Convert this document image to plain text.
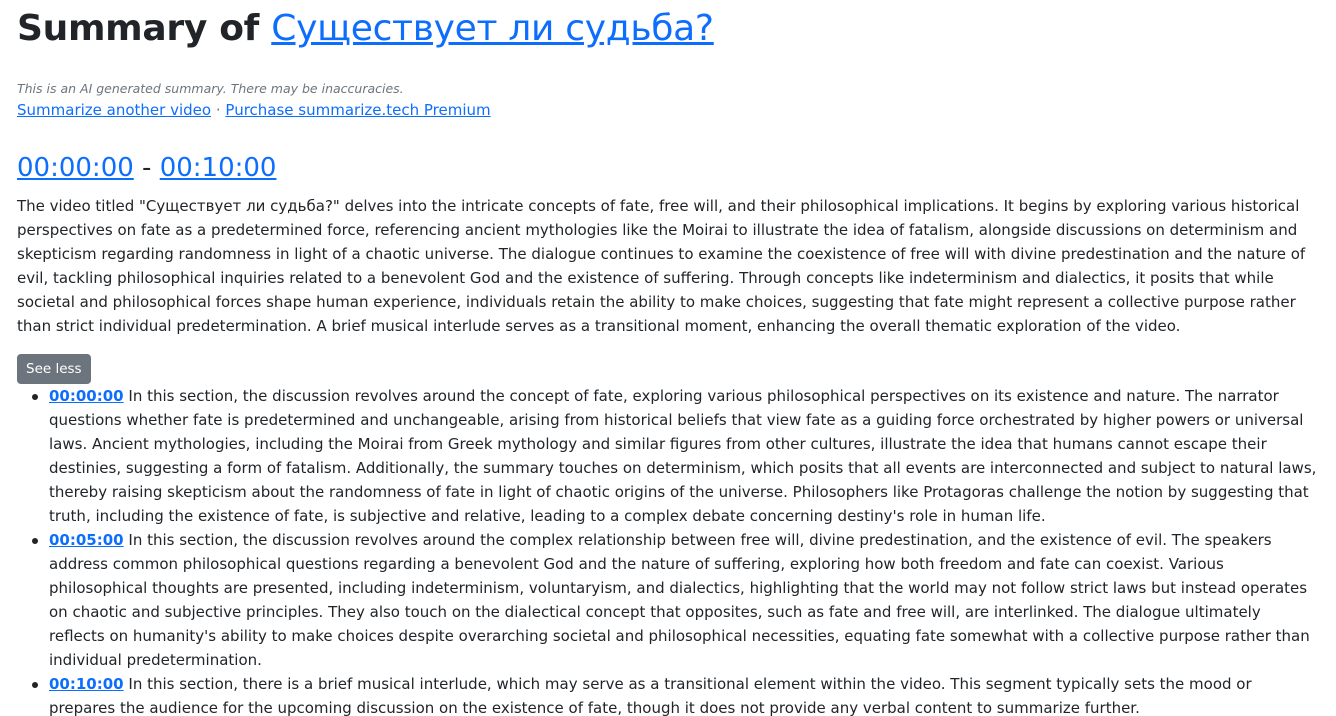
Summary of Существует ли судьба?
This is an AI generated summary. There may be inaccuracies.
Summarize another video · Purchase summarize.tech Premium
00:00:00 - 00:10:00

The video titled "Существует ли судьба?" delves into the intricate concepts of fate, free will, and their philosophical implications. It begins by exploring various historical perspectives on fate as a predetermined force, referencing ancient mythologies like the Moirai to illustrate the idea of fatalism, alongside discussions on determinism and skepticism regarding randomness in light of a chaotic universe. The dialogue continues to examine the coexistence of free will with divine predestination and the nature of evil, tackling philosophical inquiries related to a benevolent God and the existence of suffering. Through concepts like indeterminism and dialectics, it posits that while societal and philosophical forces shape human experience, individuals retain the ability to make choices, suggesting that fate might represent a collective purpose rather than strict individual predetermination. A brief musical interlude serves as a transitional moment, enhancing the overall thematic exploration of the video.

See less
00:00:00 In this section, the discussion revolves around the concept of fate, exploring various philosophical perspectives on its existence and nature. The narrator questions whether fate is predetermined and unchangeable, arising from historical beliefs that view fate as a guiding force orchestrated by higher powers or universal laws. Ancient mythologies, including the Moirai from Greek mythology and similar figures from other cultures, illustrate the idea that humans cannot escape their destinies, suggesting a form of fatalism. Additionally, the summary touches on determinism, which posits that all events are interconnected and subject to natural laws, thereby raising skepticism about the randomness of fate in light of chaotic origins of the universe. Philosophers like Protagoras challenge the notion by suggesting that truth, including the existence of fate, is subjective and relative, leading to a complex debate concerning destiny's role in human life.
00:05:00 In this section, the discussion revolves around the complex relationship between free will, divine predestination, and the existence of evil. The speakers address common philosophical questions regarding a benevolent God and the nature of suffering, exploring how both freedom and fate can coexist. Various philosophical thoughts are presented, including indeterminism, voluntaryism, and dialectics, highlighting that the world may not follow strict laws but instead operates on chaotic and subjective principles. They also touch on the dialectical concept that opposites, such as fate and free will, are interlinked. The dialogue ultimately reflects on humanity's ability to make choices despite overarching societal and philosophical necessities, equating fate somewhat with a collective purpose rather than individual predetermination.
00:10:00 In this section, there is a brief musical interlude, which may serve as a transitional element within the video. This segment typically sets the mood or prepares the audience for the upcoming discussion on the existence of fate, though it does not provide any verbal content to summarize further.
